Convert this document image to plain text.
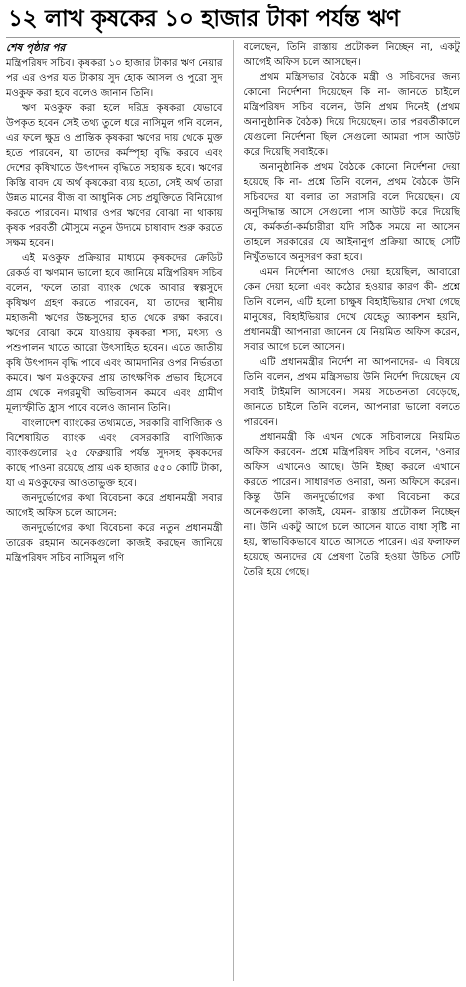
১২ লাখ কৃষকের ১০ হাজার টাকা পর্যন্ত ঋণ
শেষ পৃষ্ঠার পর

মন্ত্রিপরিষদ সচিব। কৃষকরা ১০ হাজার টাকার ঋণ নেয়ার পর এর ওপর যত টাকায় সুদ হোক আসল ও পুরো সুদ মওকুফ করা হবে বলেও জানান তিনি।

ঋণ মওকুফ করা হলে দরিদ্র কৃষকরা যেভাবে উপকৃত হবেন সেই তথ্য তুলে ধরে নাসিমুল গনি বলেন, এর ফলে ক্ষুদ্র ও প্রান্তিক কৃষকরা ঋণের দায় থেকে মুক্ত হতে পারবেন, যা তাদের কর্মস্পৃহা বৃদ্ধি করবে এবং দেশের কৃষিখাতে উৎপাদন বৃদ্ধিতে সহায়ক হবে। ঋণের কিস্তি বাবদ যে অর্থ কৃষকেরা ব্যয় হতো, সেই অর্থ তারা উন্নত মানের বীজ বা আধুনিক সেচ প্রযুক্তিতে বিনিয়োগ করতে পারবেন। মাথার ওপর ঋণের বোঝা না থাকায় কৃষক পরবর্তী মৌসুমে নতুন উদ্যমে চাষাবাদ শুরু করতে সক্ষম হবেন।

এই মওকুফ প্রক্রিয়ার মাধ্যমে কৃষকদের ক্রেডিট রেকর্ড বা ঋণমান ভালো হবে জানিয়ে মন্ত্রিপরিষদ সচিব বলেন, 'ফলে তারা ব্যাংক থেকে আবার স্বল্পসুদে কৃষিঋণ গ্রহণ করতে পারবেন, যা তাদের স্থানীয় মহাজনী ঋণের উচ্চসুদের হাত থেকে রক্ষা করবে। ঋণের বোঝা কমে যাওয়ায় কৃষকরা শস্য, মৎস্য ও পশুপালন খাতে আরো উৎসাহিত হবেন। এতে জাতীয় কৃষি উৎপাদন বৃদ্ধি পাবে এবং আমদানির ওপর নির্ভরতা কমবে। ঋণ মওকুফের প্রায় তাৎক্ষণিক প্রভাব হিসেবে গ্রাম থেকে নগরমুখী অভিবাসন কমবে এবং গ্রামীণ মূল্যস্ফীতি হ্রাস পাবে বলেও জানান তিনি।

বাংলাদেশ ব্যাংকের তথ্যমতে, সরকারি বাণিজ্যিক ও বিশেষায়িত ব্যাংক এবং বেসরকারি বাণিজ্যিক ব্যাংকগুলোর ২৫ ফেব্রুয়ারি পর্যন্ত সুদসহ কৃষকদের কাছে পাওনা রয়েছে প্রায় এক হাজার ৫৫০ কোটি টাকা, যা এ মওকুফের আওতাভুক্ত হবে।

জনদুর্ভোগের কথা বিবেচনা করে প্রধানমন্ত্রী সবার আগেই অফিস চলে আসেন:

জনদুর্ভোগের কথা বিবেচনা করে নতুন প্রধানমন্ত্রী তারেক রহমান অনেকগুলো কাজই করছেন জানিয়ে মন্ত্রিপরিষদ সচিব নাসিমুল গণি

বলেছেন, তিনি রাস্তায় প্রটোকল নিচ্ছেন না, একটু আগেই অফিস চলে আসছেন।

প্রথম মন্ত্রিসভার বৈঠকে মন্ত্রী ও সচিবদের জন্য কোনো নির্দেশনা দিয়েছেন কি না- জানতে চাইলে মন্ত্রিপরিষদ সচিব বলেন, উনি প্রথম দিনেই (প্রথম অনানুষ্ঠানিক বৈঠক) দিয়ে দিয়েছেন। তার পরবর্তীকালে যেগুলো নির্দেশনা ছিল সেগুলো আমরা পাস আউট করে দিয়েছি সবাইকে।

অনানুষ্ঠানিক প্রথম বৈঠকে কোনো নির্দেশনা দেয়া হয়েছে কি না- প্রশ্নে তিনি বলেন, প্রথম বৈঠকে উনি সচিবদের যা বলার তা সরাসরি বলে দিয়েছেন। যে অনুসিদ্ধান্ত আসে সেগুলো পাস আউট করে দিয়েছি যে, কর্মকর্তা-কর্মচারীরা যদি সঠিক সময়ে না আসেন তাহলে সরকারের যে আইনানুগ প্রক্রিয়া আছে সেটি নিখুঁতভাবে অনুসরণ করা হবে।

এমন নির্দেশনা আগেও দেয়া হয়েছিল, আবারো কেন দেয়া হলো এবং কঠোর হওয়ার কারণ কী- প্রশ্নে তিনি বলেন, এটি হলো চাক্ষুষ বিহাইভিয়ার দেখা গেছে মানুষের, বিহাইভিয়ার দেখে যেহেতু অ্যাকশন হয়নি, প্রধানমন্ত্রী আপনারা জানেন যে নিয়মিত অফিস করেন, সবার আগে চলে আসেন।

এটি প্রধানমন্ত্রীর নির্দেশ না আপনাদের- এ বিষয়ে তিনি বলেন, প্রথম মন্ত্রিসভায় উনি নির্দেশ দিয়েছেন যে সবাই টাইমলি আসবেন। সময় সচেতনতা বেড়েছে, জানতে চাইলে তিনি বলেন, আপনারা ভালো বলতে পারবেন।

প্রধানমন্ত্রী কি এখন থেকে সচিবালয়ে নিয়মিত অফিস করবেন- প্রশ্নে মন্ত্রিপরিষদ সচিব বলেন, 'ওনার অফিস এখানেও আছে। উনি ইচ্ছা করলে এখানে করতে পারেন। সাধারণত ওনারা, অন্য অফিসে করেন। কিন্তু উনি জনদুর্ভোগের কথা বিবেচনা করে অনেকগুলো কাজই, যেমন- রাস্তায় প্রটোকল নিচ্ছেন না। উনি একটু আগে চলে আসেন যাতে বাধা সৃষ্টি না হয়, স্বাভাবিকভাবে যাতে আসতে পারেন। এর ফলাফল হয়েছে অন্যদের যে প্রেষণা তৈরি হওয়া উচিত সেটি তৈরি হয়ে গেছে।
